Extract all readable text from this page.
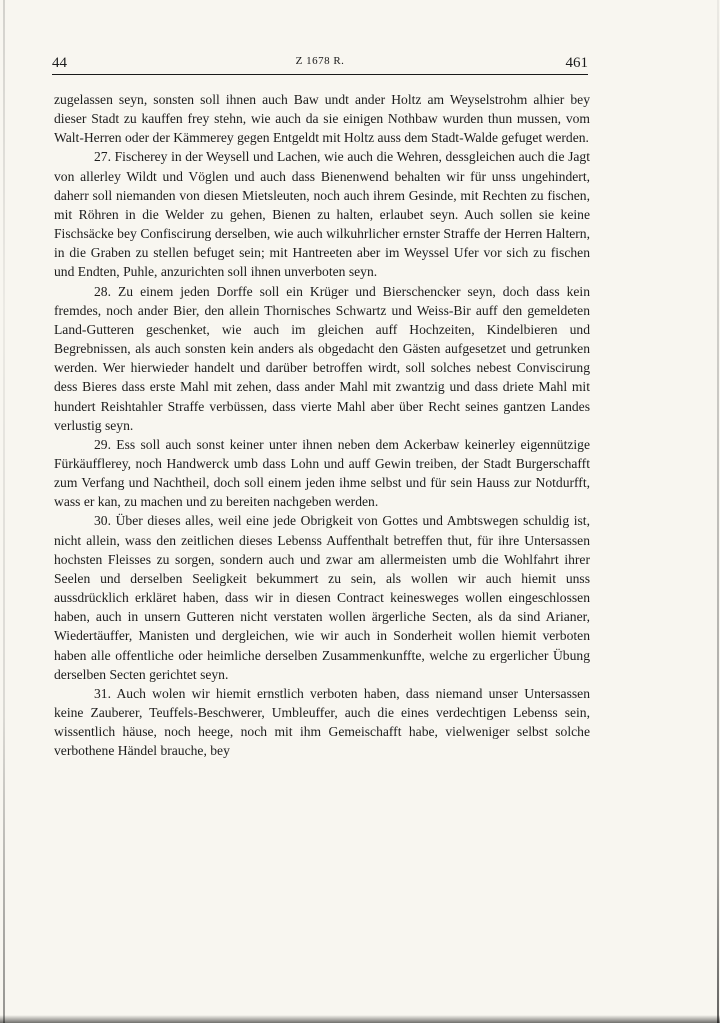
44	Z 1678 R.	461

zugelassen seyn, sonsten soll ihnen auch Baw undt ander Holtz am Weyselstrohm alhier bey dieser Stadt zu kauffen frey stehn, wie auch da sie einigen Nothbaw wurden thun mussen, vom Walt-Herren oder der Kämmerey gegen Entgeldt mit Holtz auss dem Stadt-Walde gefuget werden.

27. Fischerey in der Weysell und Lachen, wie auch die Wehren, dessgleichen auch die Jagt von allerley Wildt und Vöglen und auch dass Bienenwend behalten wir für unss ungehindert, daherr soll niemanden von diesen Mietsleuten, noch auch ihrem Gesinde, mit Rechten zu fischen, mit Röhren in die Welder zu gehen, Bienen zu halten, erlaubet seyn. Auch sollen sie keine Fischsäcke bey Confiscirung derselben, wie auch wilkuhrlicher ernster Straffe der Herren Haltern, in die Graben zu stellen befuget sein; mit Hantreeten aber im Weyssel Ufer vor sich zu fischen und Endten, Puhle, anzurichten soll ihnen unverboten seyn.

28. Zu einem jeden Dorffe soll ein Krüger und Bierschencker seyn, doch dass kein fremdes, noch ander Bier, den allein Thornisches Schwartz und Weiss-Bir auff den gemeldeten Land-Gutteren geschenket, wie auch im gleichen auff Hochzeiten, Kindelbieren und Begrebnissen, als auch sonsten kein anders als obgedacht den Gästen aufgesetzet und getrunken werden. Wer hierwieder handelt und darüber betroffen wirdt, soll solches nebest Conviscirung dess Bieres dass erste Mahl mit zehen, dass ander Mahl mit zwantzig und dass driete Mahl mit hundert Reishtahler Straffe verbüssen, dass vierte Mahl aber über Recht seines gantzen Landes verlustig seyn.

29. Ess soll auch sonst keiner unter ihnen neben dem Ackerbaw keinerley eigennützige Fürkäufflerey, noch Handwerck umb dass Lohn und auff Gewin treiben, der Stadt Burgerschafft zum Verfang und Nachtheil, doch soll einem jeden ihme selbst und für sein Hauss zur Notdurfft, wass er kan, zu machen und zu bereiten nachgeben werden.

30. Über dieses alles, weil eine jede Obrigkeit von Gottes und Ambtswegen schuldig ist, nicht allein, wass den zeitlichen dieses Lebenss Auffenthalt betreffen thut, für ihre Untersassen hochsten Fleisses zu sorgen, sondern auch und zwar am allermeisten umb die Wohlfahrt ihrer Seelen und derselben Seeligkeit bekummert zu sein, als wollen wir auch hiemit unss aussdrücklich erkläret haben, dass wir in diesen Contract keinesweges wollen eingeschlossen haben, auch in unsern Gutteren nicht verstaten wollen ärgerliche Secten, als da sind Arianer, Wiedertäuffer, Manisten und dergleichen, wie wir auch in Sonderheit wollen hiemit verboten haben alle offentliche oder heimliche derselben Zusammenkunffte, welche zu ergerlicher Übung derselben Secten gerichtet seyn.

31. Auch wolen wir hiemit ernstlich verboten haben, dass niemand unser Untersassen keine Zauberer, Teuffels-Beschwerer, Umbleuffer, auch die eines verdechtigen Lebenss sein, wissentlich häuse, noch heege, noch mit ihm Gemeischafft habe, vielweniger selbst solche verbothene Händel brauche, bey
